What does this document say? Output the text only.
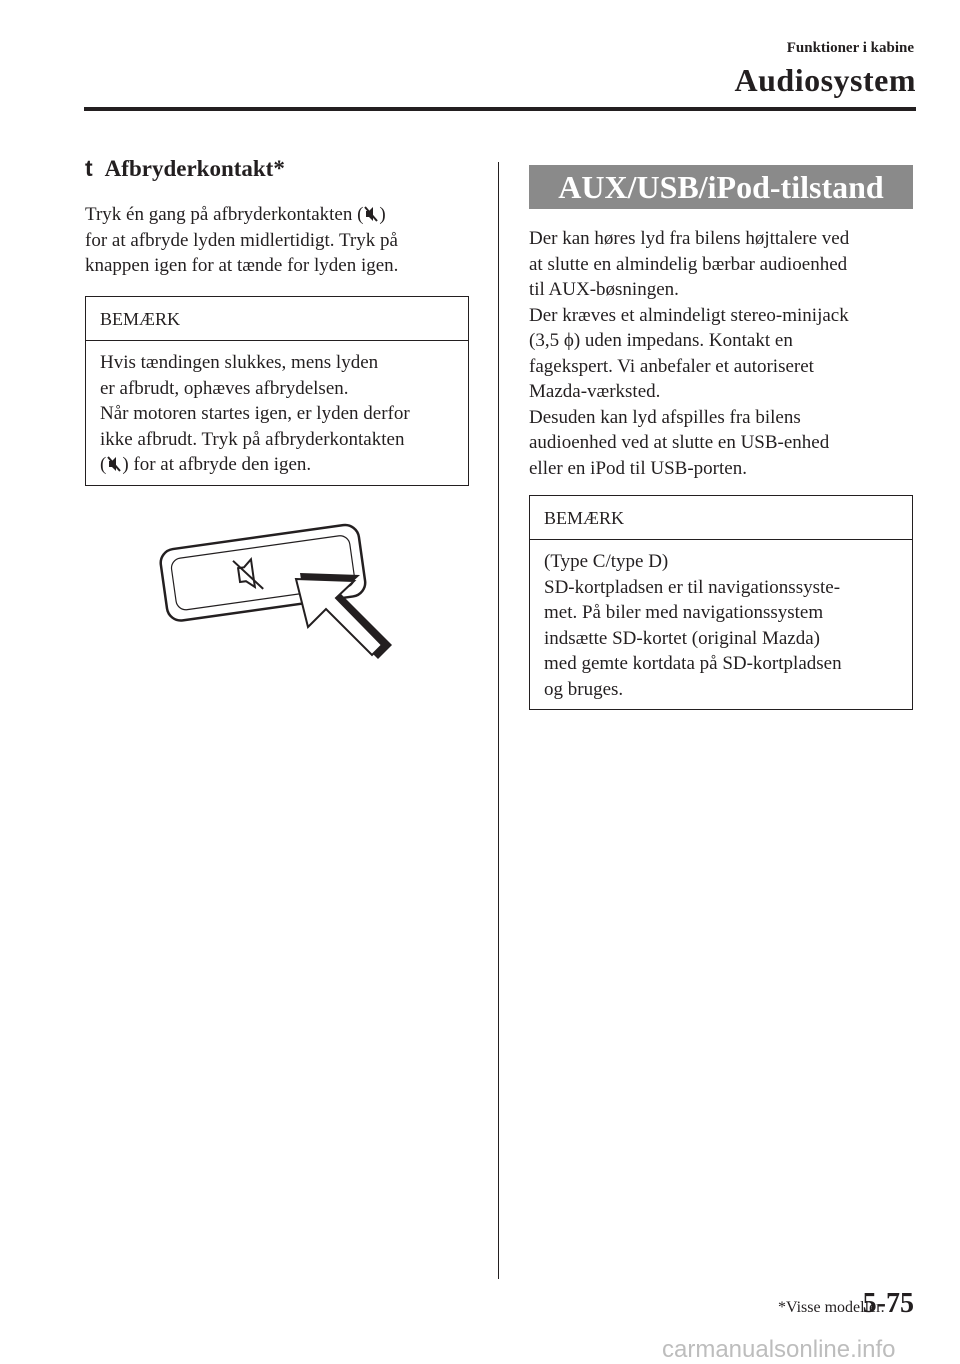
Funktioner i kabine
Audiosystem
t Afbryderkontakt*
Tryk én gang på afbryderkontakten ( )
for at afbryde lyden midlertidigt. Tryk på
knappen igen for at tænde for lyden igen.
BEMÆRK
Hvis tændingen slukkes, mens lyden
er afbrudt, ophæves afbrydelsen.
Når motoren startes igen, er lyden derfor
ikke afbrudt. Tryk på afbryderkontakten
( ) for at afbryde den igen.
AUX/USB/iPod-tilstand
Der kan høres lyd fra bilens højttalere ved
at slutte en almindelig bærbar audioenhed
til AUX-bøsningen.
Der kræves et almindeligt stereo-minijack
(3,5 ϕ) uden impedans. Kontakt en
fagekspert. Vi anbefaler et autoriseret
Mazda-værksted.
Desuden kan lyd afspilles fra bilens
audioenhed ved at slutte en USB-enhed
eller en iPod til USB-porten.
BEMÆRK
(Type C/type D)
SD-kortpladsen er til navigationssyste-
met. På biler med navigationssystem
indsætte SD-kortet (original Mazda)
med gemte kortdata på SD-kortpladsen
og bruges.
*Visse modeller.
5-75
carmanualsonline.info
